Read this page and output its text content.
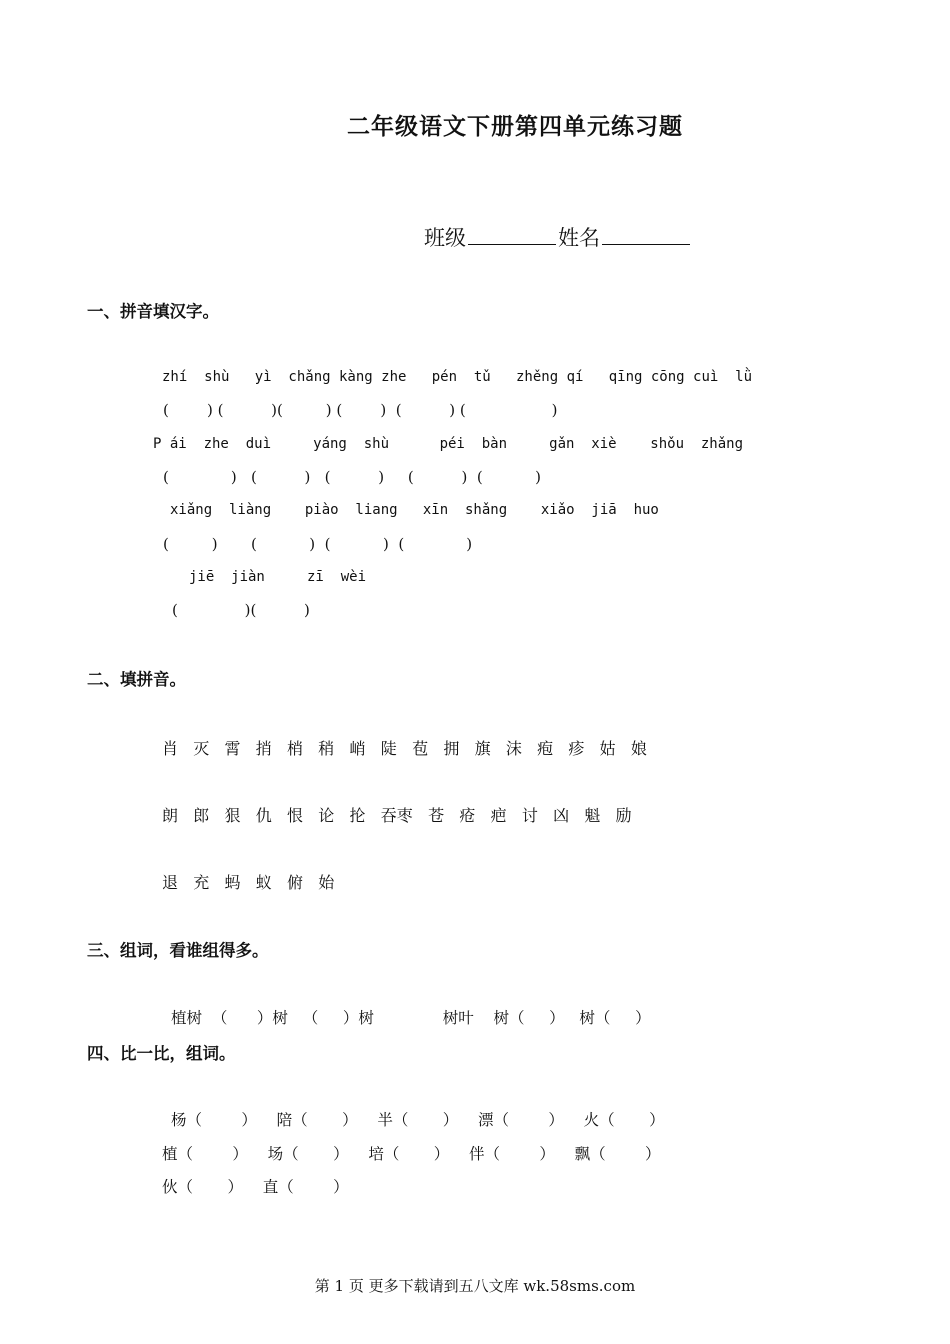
二年级语文下册第四单元练习题
班级	姓名
一、拼音填汉字。
zhí  shù   yì  chǎng kàng zhe   pén  tǔ   zhěng qí   qīng cōng cuì  lǜ
(        ) (          )(         ) (        )  (          ) (                  )
P ái  zhe  duì     yáng  shù      péi  bàn     gǎn  xiè    shǒu  zhǎng
(             )   (          )   (          )     (          )  (           )
xiǎng  liàng    piào  liang   xīn  shǎng    xiǎo  jiā  huo
(         )       (           )  (           )  (             )
jiē  jiàn     zī  wèi
(              )(          )
二、填拼音。
肖   灭   霄   捎   梢   稍   峭   陡   苞   拥   旗   沫   疱   疹   姑   娘
朗   郎   狠   仇   恨   论   抡   吞枣   苍   疮   疤   讨   凶   魁   励
退   充   蚂   蚁   俯   始
三、组词，看谁组得多。
植树  （      ）树   （     ）树              树叶    树（     ）   树（     ）
四、比一比，组词。
杨（        ）    陪（       ）    半（       ）    漂（        ）    火（       ）
植（        ）    场（       ）    培（       ）    伴（        ）    飘（        ）
伙（       ）    直（        ）
第 1 页 更多下载请到五八文库 wk.58sms.com
